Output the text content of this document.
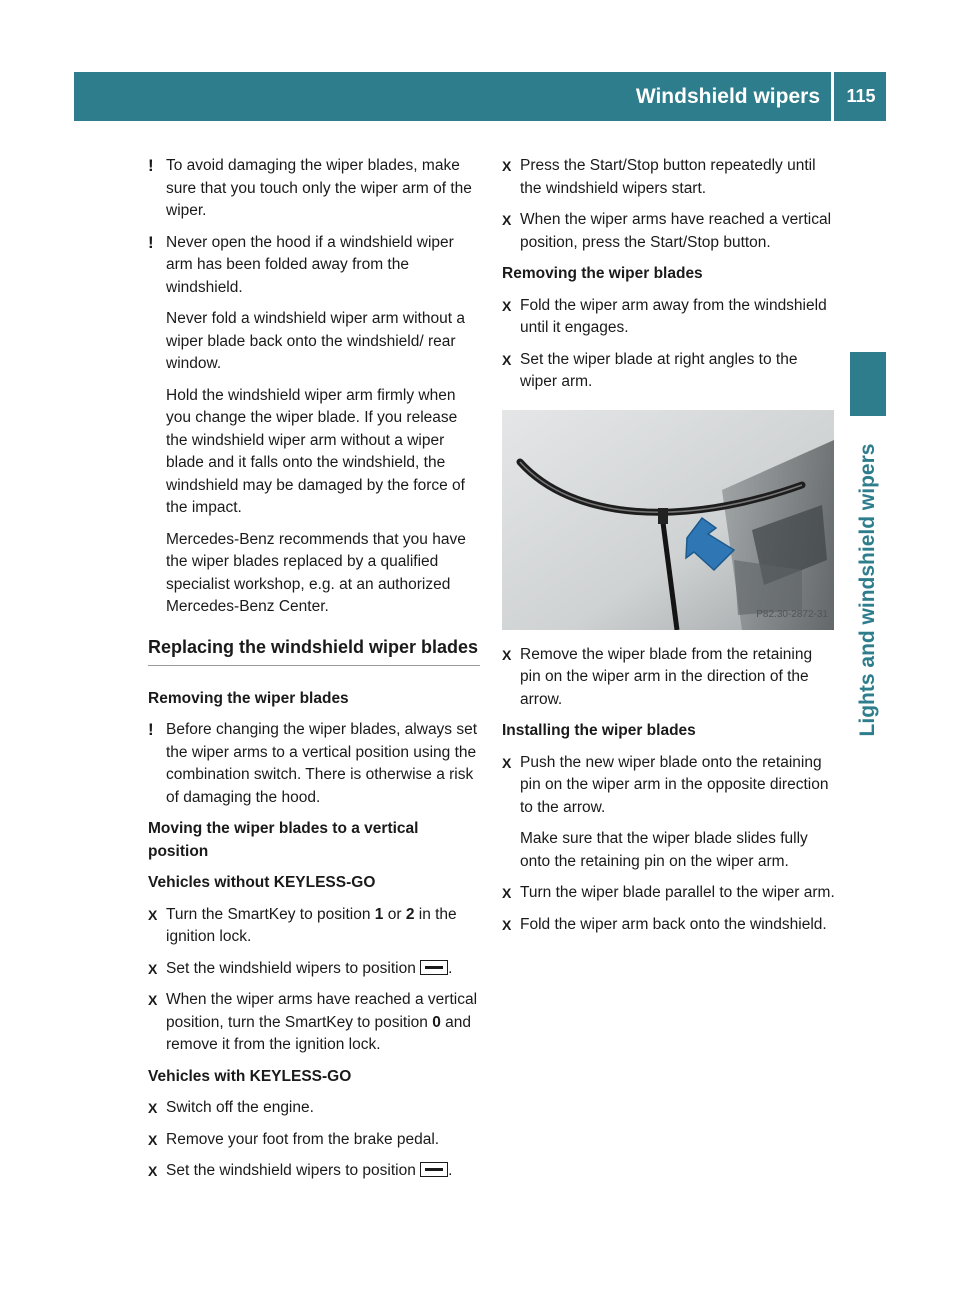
Windshield wipers	115
Lights and windshield wipers

! To avoid damaging the wiper blades, make sure that you touch only the wiper arm of the wiper.

! Never open the hood if a windshield wiper arm has been folded away from the windshield.

Never fold a windshield wiper arm without a wiper blade back onto the windshield/ rear window.

Hold the windshield wiper arm firmly when you change the wiper blade. If you release the windshield wiper arm without a wiper blade and it falls onto the windshield, the windshield may be damaged by the force of the impact.

Mercedes-Benz recommends that you have the wiper blades replaced by a qualified specialist workshop, e.g. at an authorized Mercedes-Benz Center.

Replacing the windshield wiper blades

Removing the wiper blades

! Before changing the wiper blades, always set the wiper arms to a vertical position using the combination switch. There is otherwise a risk of damaging the hood.

Moving the wiper blades to a vertical position

Vehicles without KEYLESS-GO

X Turn the SmartKey to position 1 or 2 in the ignition lock.

X Set the windshield wipers to position .

X When the wiper arms have reached a vertical position, turn the SmartKey to position 0 and remove it from the ignition lock.

Vehicles with KEYLESS-GO

X Switch off the engine.

X Remove your foot from the brake pedal.

X Set the windshield wipers to position .

X Press the Start/Stop button repeatedly until the windshield wipers start.

X When the wiper arms have reached a vertical position, press the Start/Stop button.

Removing the wiper blades

X Fold the wiper arm away from the windshield until it engages.

X Set the wiper blade at right angles to the wiper arm.

P82.30-2872-31

X Remove the wiper blade from the retaining pin on the wiper arm in the direction of the arrow.

Installing the wiper blades

X Push the new wiper blade onto the retaining pin on the wiper arm in the opposite direction to the arrow.

Make sure that the wiper blade slides fully onto the retaining pin on the wiper arm.

X Turn the wiper blade parallel to the wiper arm.

X Fold the wiper arm back onto the windshield.
